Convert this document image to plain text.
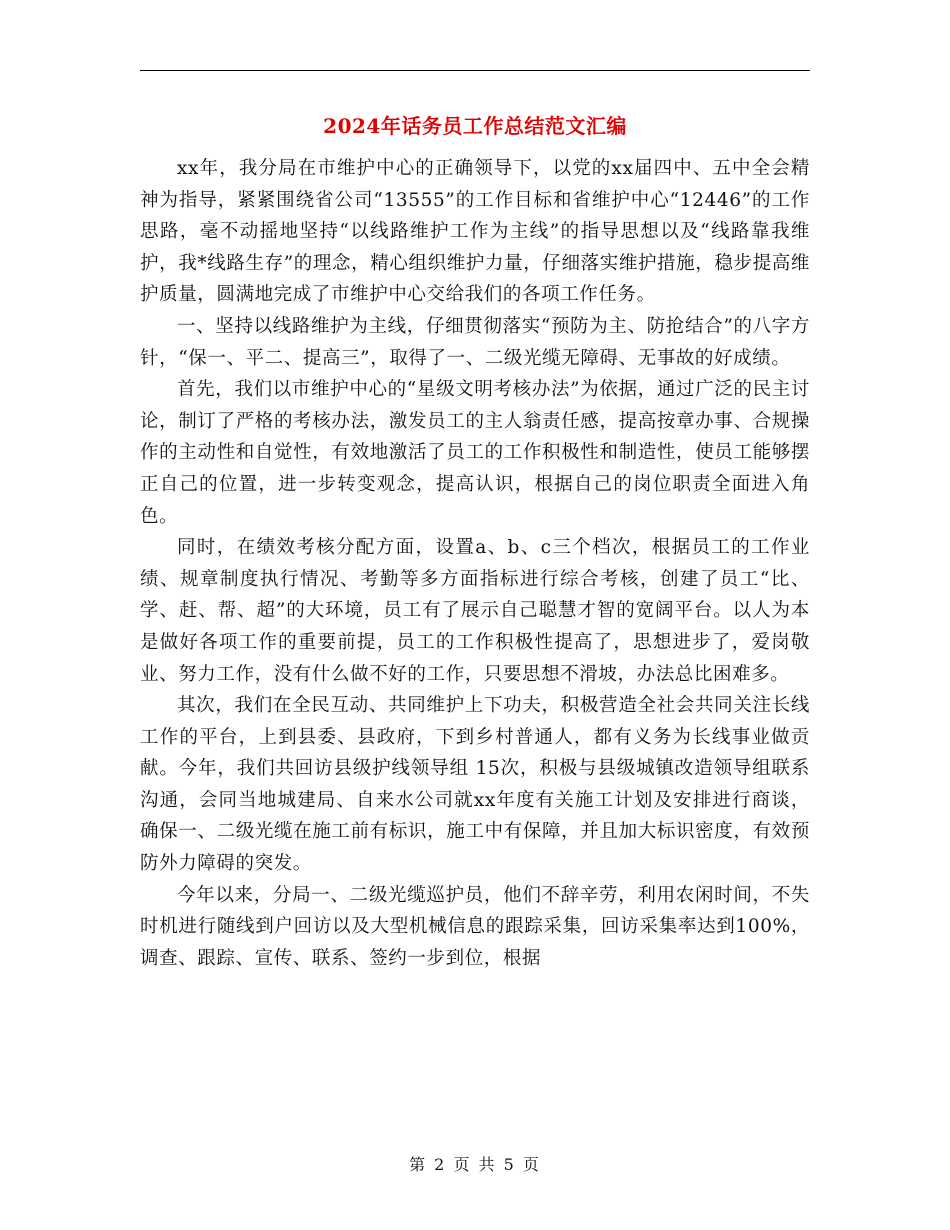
2024年话务员工作总结范文汇编

xx年，我分局在市维护中心的正确领导下，以党的xx届四中、五中全会精神为指导，紧紧围绕省公司“13555”的工作目标和省维护中心“12446”的工作思路，毫不动摇地坚持“以线路维护工作为主线”的指导思想以及“线路靠我维护，我*线路生存”的理念，精心组织维护力量，仔细落实维护措施，稳步提高维护质量，圆满地完成了市维护中心交给我们的各项工作任务。

一、坚持以线路维护为主线，仔细贯彻落实“预防为主、防抢结合”的八字方针，“保一、平二、提高三”，取得了一、二级光缆无障碍、无事故的好成绩。

首先，我们以市维护中心的“星级文明考核办法”为依据，通过广泛的民主讨论，制订了严格的考核办法，激发员工的主人翁责任感，提高按章办事、合规操作的主动性和自觉性，有效地激活了员工的工作积极性和制造性，使员工能够摆正自己的位置，进一步转变观念，提高认识，根据自己的岗位职责全面进入角色。

同时，在绩效考核分配方面，设置a、b、c三个档次，根据员工的工作业绩、规章制度执行情况、考勤等多方面指标进行综合考核，创建了员工“比、学、赶、帮、超”的大环境，员工有了展示自己聪慧才智的宽阔平台。以人为本是做好各项工作的重要前提，员工的工作积极性提高了，思想进步了，爱岗敬业、努力工作，没有什么做不好的工作，只要思想不滑坡，办法总比困难多。

其次，我们在全民互动、共同维护上下功夫，积极营造全社会共同关注长线工作的平台，上到县委、县政府，下到乡村普通人，都有义务为长线事业做贡献。今年，我们共回访县级护线领导组 15次，积极与县级城镇改造领导组联系沟通，会同当地城建局、自来水公司就xx年度有关施工计划及安排进行商谈，确保一、二级光缆在施工前有标识，施工中有保障，并且加大标识密度，有效预防外力障碍的突发。

今年以来，分局一、二级光缆巡护员，他们不辞辛劳，利用农闲时间，不失时机进行随线到户回访以及大型机械信息的跟踪采集，回访采集率达到100%，调查、跟踪、宣传、联系、签约一步到位，根据

第 2 页 共 5 页
